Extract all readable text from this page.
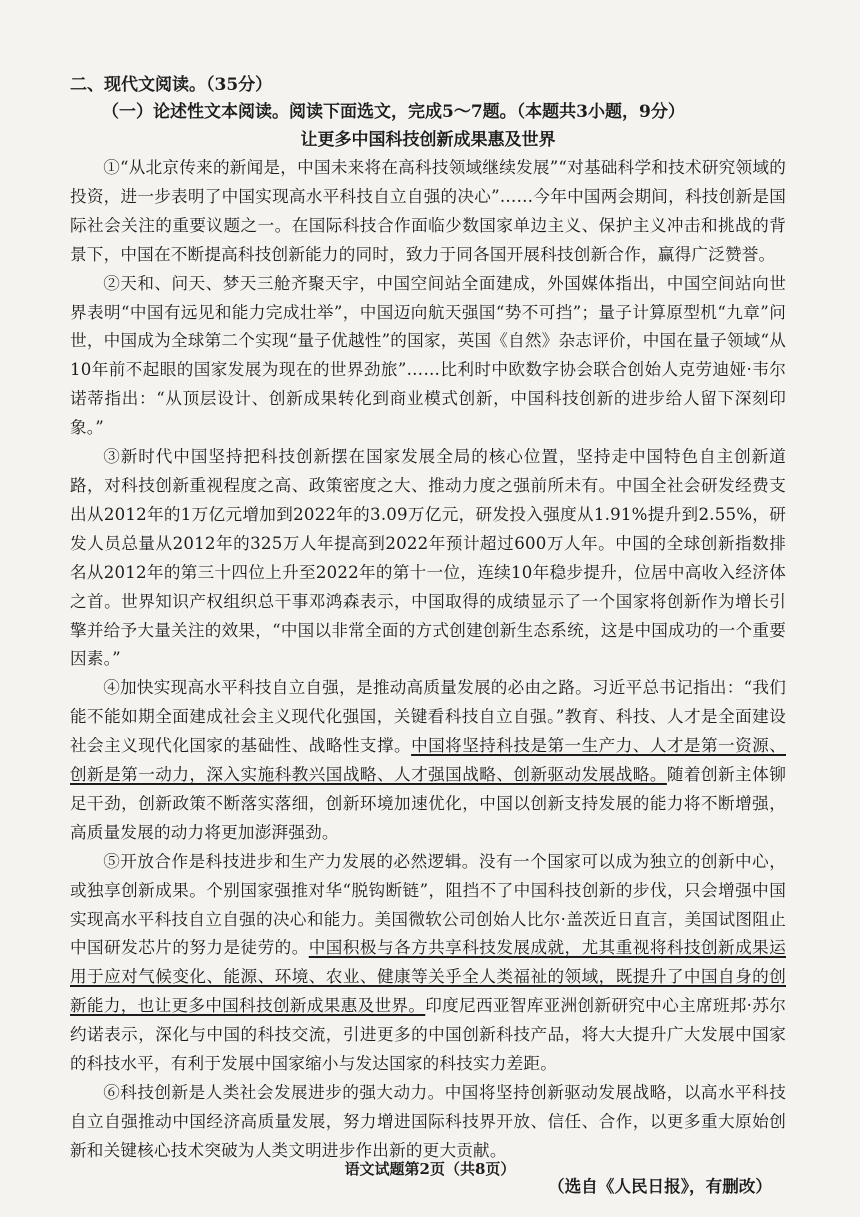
二、现代文阅读。（35分）

（一）论述性文本阅读。阅读下面选文，完成5～7题。（本题共3小题，9分）

让更多中国科技创新成果惠及世界

①“从北京传来的新闻是，中国未来将在高科技领域继续发展”“对基础科学和技术研究领域的投资，进一步表明了中国实现高水平科技自立自强的决心”……今年中国两会期间，科技创新是国际社会关注的重要议题之一。在国际科技合作面临少数国家单边主义、保护主义冲击和挑战的背景下，中国在不断提高科技创新能力的同时，致力于同各国开展科技创新合作，赢得广泛赞誉。

②天和、问天、梦天三舱齐聚天宇，中国空间站全面建成，外国媒体指出，中国空间站向世界表明“中国有远见和能力完成壮举”，中国迈向航天强国“势不可挡”；量子计算原型机“九章”问世，中国成为全球第二个实现“量子优越性”的国家，英国《自然》杂志评价，中国在量子领域“从10年前不起眼的国家发展为现在的世界劲旅”……比利时中欧数字协会联合创始人克劳迪娅·韦尔诺蒂指出：“从顶层设计、创新成果转化到商业模式创新，中国科技创新的进步给人留下深刻印象。”

③新时代中国坚持把科技创新摆在国家发展全局的核心位置，坚持走中国特色自主创新道路，对科技创新重视程度之高、政策密度之大、推动力度之强前所未有。中国全社会研发经费支出从2012年的1万亿元增加到2022年的3.09万亿元，研发投入强度从1.91%提升到2.55%，研发人员总量从2012年的325万人年提高到2022年预计超过600万人年。中国的全球创新指数排名从2012年的第三十四位上升至2022年的第十一位，连续10年稳步提升，位居中高收入经济体之首。世界知识产权组织总干事邓鸿森表示，中国取得的成绩显示了一个国家将创新作为增长引擎并给予大量关注的效果，“中国以非常全面的方式创建创新生态系统，这是中国成功的一个重要因素。”

④加快实现高水平科技自立自强，是推动高质量发展的必由之路。习近平总书记指出：“我们能不能如期全面建成社会主义现代化强国，关键看科技自立自强。”教育、科技、人才是全面建设社会主义现代化国家的基础性、战略性支撑。中国将坚持科技是第一生产力、人才是第一资源、创新是第一动力，深入实施科教兴国战略、人才强国战略、创新驱动发展战略。随着创新主体铆足干劲，创新政策不断落实落细，创新环境加速优化，中国以创新支持发展的能力将不断增强，高质量发展的动力将更加澎湃强劲。

⑤开放合作是科技进步和生产力发展的必然逻辑。没有一个国家可以成为独立的创新中心，或独享创新成果。个别国家强推对华“脱钩断链”，阻挡不了中国科技创新的步伐，只会增强中国实现高水平科技自立自强的决心和能力。美国微软公司创始人比尔·盖茨近日直言，美国试图阻止中国研发芯片的努力是徒劳的。中国积极与各方共享科技发展成就，尤其重视将科技创新成果运用于应对气候变化、能源、环境、农业、健康等关乎全人类福祉的领域，既提升了中国自身的创新能力，也让更多中国科技创新成果惠及世界。印度尼西亚智库亚洲创新研究中心主席班邦·苏尔约诺表示，深化与中国的科技交流，引进更多的中国创新科技产品，将大大提升广大发展中国家的科技水平，有利于发展中国家缩小与发达国家的科技实力差距。

⑥科技创新是人类社会发展进步的强大动力。中国将坚持创新驱动发展战略，以高水平科技自立自强推动中国经济高质量发展，努力增进国际科技界开放、信任、合作，以更多重大原始创新和关键核心技术突破为人类文明进步作出新的更大贡献。

（选自《人民日报》，有删改）

语文试题第2页（共8页）
